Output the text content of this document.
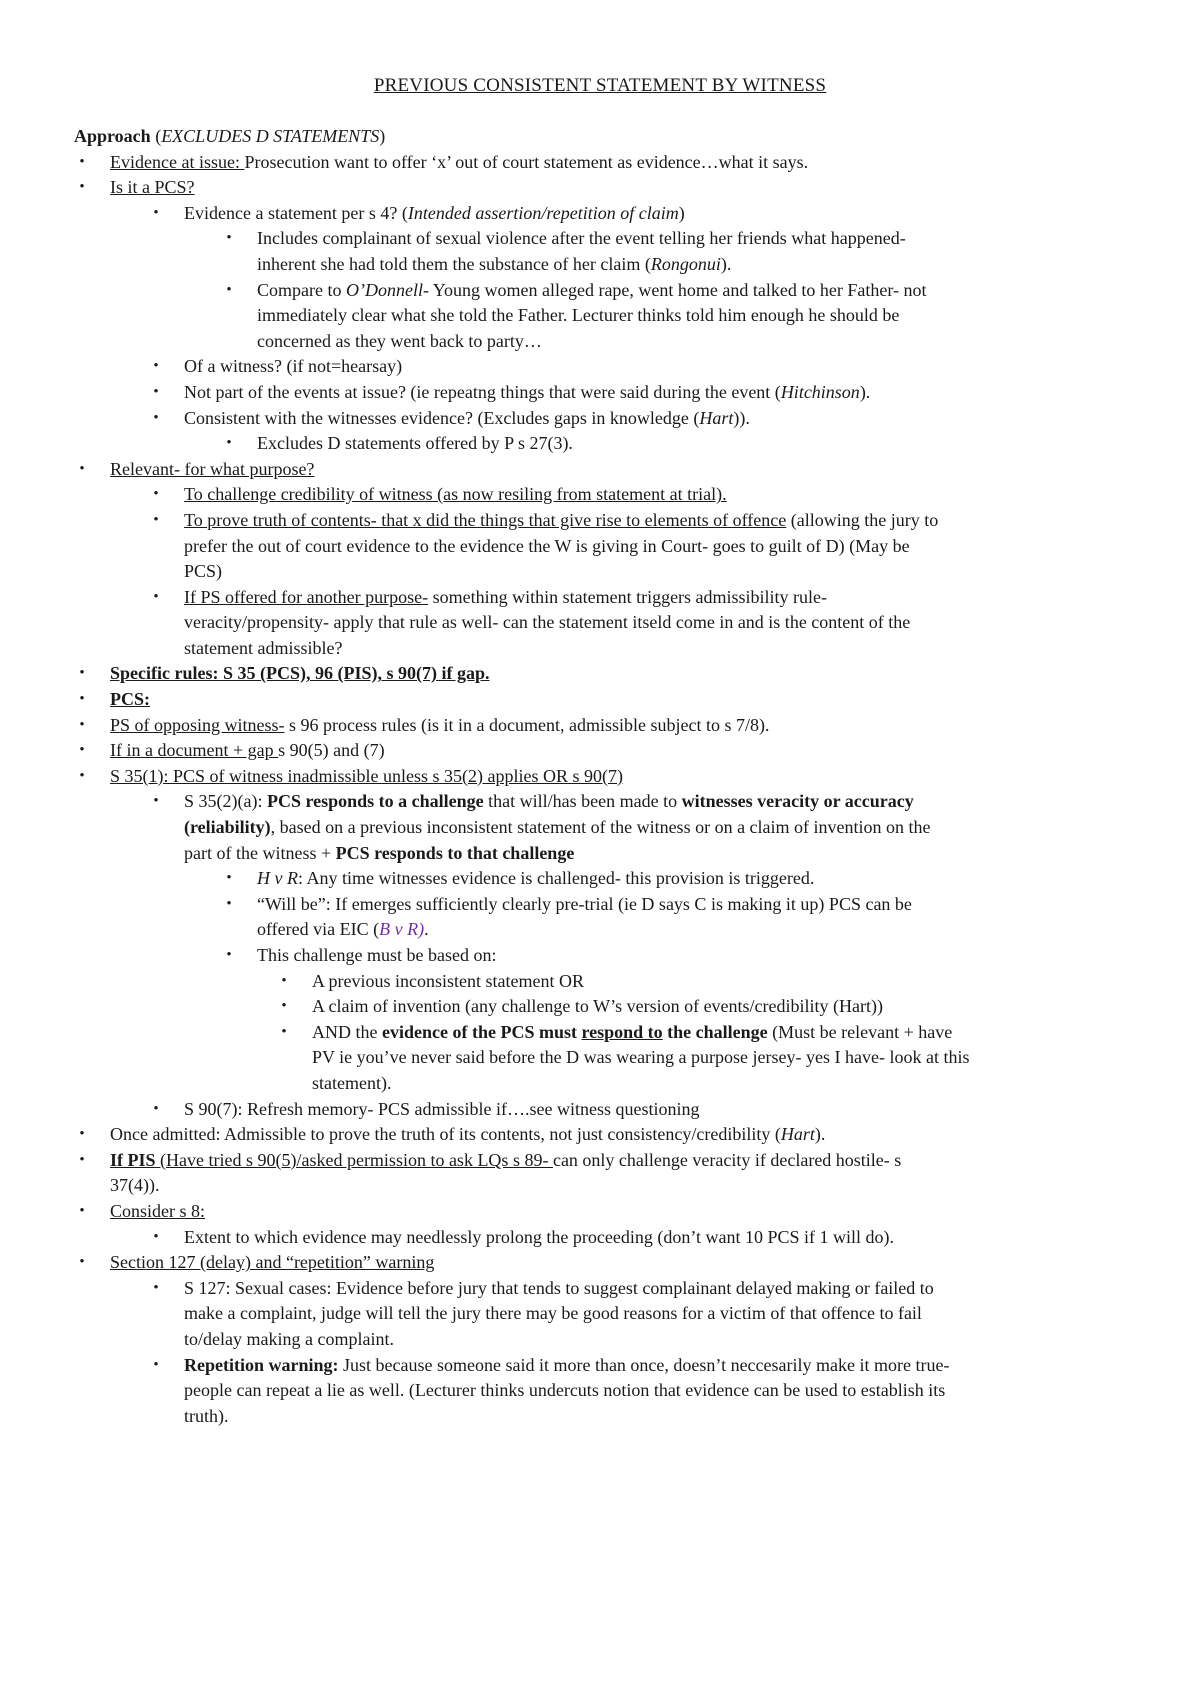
PREVIOUS CONSISTENT STATEMENT BY WITNESS
Approach (EXCLUDES D STATEMENTS)
• Evidence at issue: Prosecution want to offer ‘x’ out of court statement as evidence…what it says.
• Is it a PCS?
• Evidence a statement per s 4? (Intended assertion/repetition of claim)
• Includes complainant of sexual violence after the event telling her friends what happened-
inherent she had told them the substance of her claim (Rongonui).
• Compare to O’Donnell- Young women alleged rape, went home and talked to her Father- not
immediately clear what she told the Father. Lecturer thinks told him enough he should be
concerned as they went back to party…
• Of a witness? (if not=hearsay)
• Not part of the events at issue? (ie repeatng things that were said during the event (Hitchinson).
• Consistent with the witnesses evidence? (Excludes gaps in knowledge (Hart)).
• Excludes D statements offered by P s 27(3).
• Relevant- for what purpose?
• To challenge credibility of witness (as now resiling from statement at trial).
• To prove truth of contents- that x did the things that give rise to elements of offence (allowing the jury to
prefer the out of court evidence to the evidence the W is giving in Court- goes to guilt of D) (May be
PCS)
• If PS offered for another purpose- something within statement triggers admissibility rule-
veracity/propensity- apply that rule as well- can the statement itseld come in and is the content of the
statement admissible?
• Specific rules: S 35 (PCS), 96 (PIS), s 90(7) if gap.
• PCS:
• PS of opposing witness- s 96 process rules (is it in a document, admissible subject to s 7/8).
• If in a document + gap s 90(5) and (7)
• S 35(1): PCS of witness inadmissible unless s 35(2) applies OR s 90(7)
• S 35(2)(a): PCS responds to a challenge that will/has been made to witnesses veracity or accuracy
(reliability), based on a previous inconsistent statement of the witness or on a claim of invention on the
part of the witness + PCS responds to that challenge
• H v R: Any time witnesses evidence is challenged- this provision is triggered.
• “Will be”: If emerges sufficiently clearly pre-trial (ie D says C is making it up) PCS can be
offered via EIC (B v R).
• This challenge must be based on:
• A previous inconsistent statement OR
• A claim of invention (any challenge to W’s version of events/credibility (Hart))
• AND the evidence of the PCS must respond to the challenge (Must be relevant + have
PV ie you’ve never said before the D was wearing a purpose jersey- yes I have- look at this
statement).
• S 90(7): Refresh memory- PCS admissible if….see witness questioning
• Once admitted: Admissible to prove the truth of its contents, not just consistency/credibility (Hart).
• If PIS (Have tried s 90(5)/asked permission to ask LQs s 89- can only challenge veracity if declared hostile- s
37(4)).
• Consider s 8:
• Extent to which evidence may needlessly prolong the proceeding (don’t want 10 PCS if 1 will do).
• Section 127 (delay) and “repetition” warning
• S 127: Sexual cases: Evidence before jury that tends to suggest complainant delayed making or failed to
make a complaint, judge will tell the jury there may be good reasons for a victim of that offence to fail
to/delay making a complaint.
• Repetition warning: Just because someone said it more than once, doesn’t neccesarily make it more true-
people can repeat a lie as well. (Lecturer thinks undercuts notion that evidence can be used to establish its
truth).
